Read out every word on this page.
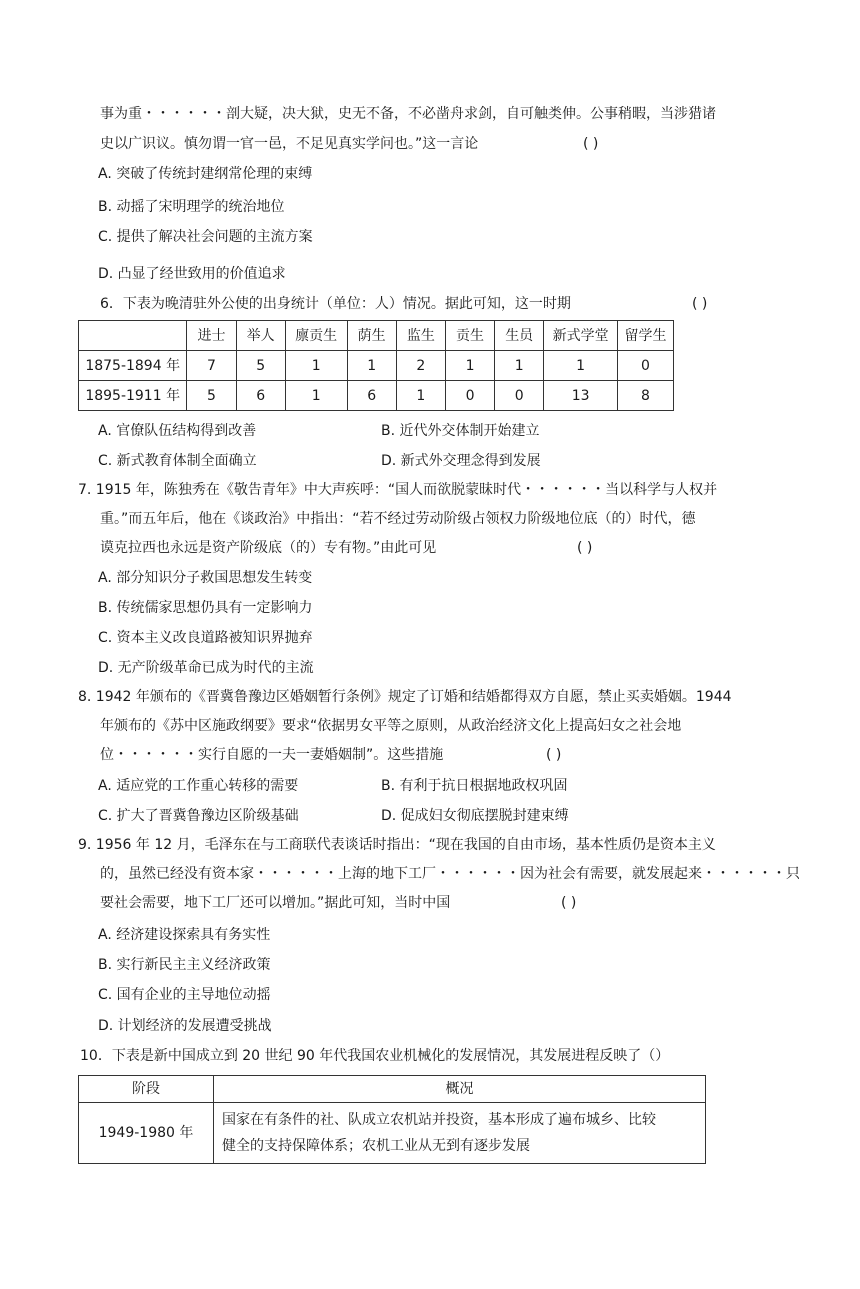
事为重・・・・・・剖大疑，决大狱，史无不备，不必凿舟求剑，自可触类伸。公事稍暇，当涉猎诸
史以广识议。慎勿谓一官一邑，不足见真实学问也。”这一言论	( )
A. 突破了传统封建纲常伦理的束缚
B. 动摇了宋明理学的统治地位
C. 提供了解决社会问题的主流方案
D. 凸显了经世致用的价值追求
6．下表为晚清驻外公使的出身统计（单位：人）情况。据此可知，这一时期	( )
	进士	举人	廪贡生	荫生	监生	贡生	生员	新式学堂	留学生
1875-1894 年	7	5	1	1	2	1	1	1	0
1895-1911 年	5	6	1	6	1	0	0	13	8
A. 官僚队伍结构得到改善	B. 近代外交体制开始建立
C. 新式教育体制全面确立	D. 新式外交理念得到发展
7. 1915 年，陈独秀在《敬告青年》中大声疾呼：“国人而欲脱蒙昧时代・・・・・・当以科学与人权并
重。”而五年后，他在《谈政治》中指出：“若不经过劳动阶级占领权力阶级地位底（的）时代，德
谟克拉西也永远是资产阶级底（的）专有物。”由此可见	( )
A. 部分知识分子救国思想发生转变
B. 传统儒家思想仍具有一定影响力
C. 资本主义改良道路被知识界抛弃
D. 无产阶级革命已成为时代的主流
8. 1942 年颁布的《晋冀鲁豫边区婚姻暂行条例》规定了订婚和结婚都得双方自愿，禁止买卖婚姻。1944
年颁布的《苏中区施政纲要》要求“依据男女平等之原则，从政治经济文化上提高妇女之社会地
位・・・・・・实行自愿的一夫一妻婚姻制”。这些措施	( )
A. 适应党的工作重心转移的需要	B. 有利于抗日根据地政权巩固
C. 扩大了晋冀鲁豫边区阶级基础	D. 促成妇女彻底摆脱封建束缚
9. 1956 年 12 月，毛泽东在与工商联代表谈话时指出：“现在我国的自由市场，基本性质仍是资本主义
的，虽然已经没有资本家・・・・・・上海的地下工厂・・・・・・因为社会有需要，就发展起来・・・・・・只
要社会需要，地下工厂还可以增加。”据此可知，当时中国	( )
A. 经济建设探索具有务实性
B. 实行新民主主义经济政策
C. 国有企业的主导地位动摇
D. 计划经济的发展遭受挑战
10．下表是新中国成立到 20 世纪 90 年代我国农业机械化的发展情况，其发展进程反映了（）
阶段	概况
1949-1980 年	国家在有条件的社、队成立农机站并投资，基本形成了遍布城乡、比较
健全的支持保障体系；农机工业从无到有逐步发展
